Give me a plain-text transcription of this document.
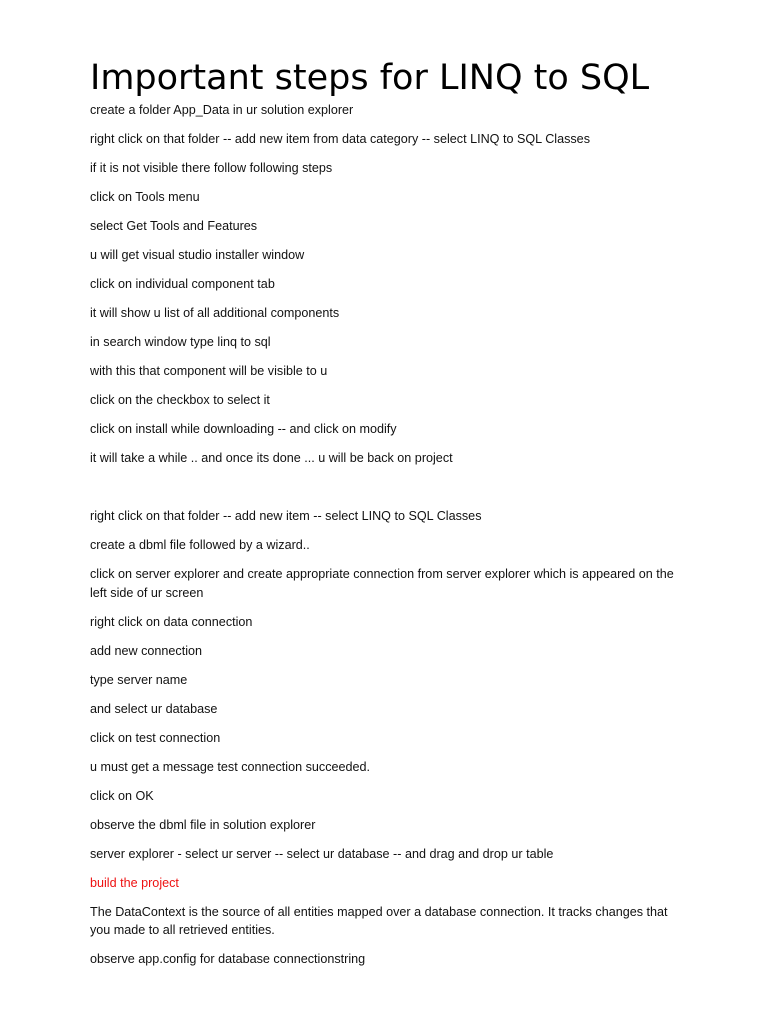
Important steps for LINQ to SQL
create a folder App_Data in ur solution explorer
right click on that folder -- add new item from data category -- select LINQ to SQL Classes
if it is not visible there follow following steps
click on Tools menu
select Get Tools and Features
u will get visual studio installer window
click on individual component tab
it will show u list of all additional components
in search window type linq to sql
with this that component will be visible to u
click on the checkbox to select it
click on install while downloading -- and click on modify
it will take a while .. and once its done ... u will be back on project
right click on that folder -- add new item -- select LINQ to SQL Classes
create a dbml file followed by a wizard..
click on server explorer and create appropriate connection from server explorer which is appeared on the left side of ur screen
right click on data connection
add new connection
type server name
and select ur database
click on test connection
u must get a message test connection succeeded.
click on OK
observe the dbml file in solution explorer
server explorer - select ur server -- select ur database -- and drag and drop ur table
build the project
The DataContext is the source of all entities mapped over a database connection. It tracks changes that you made to all retrieved entities.
observe app.config for database connectionstring
